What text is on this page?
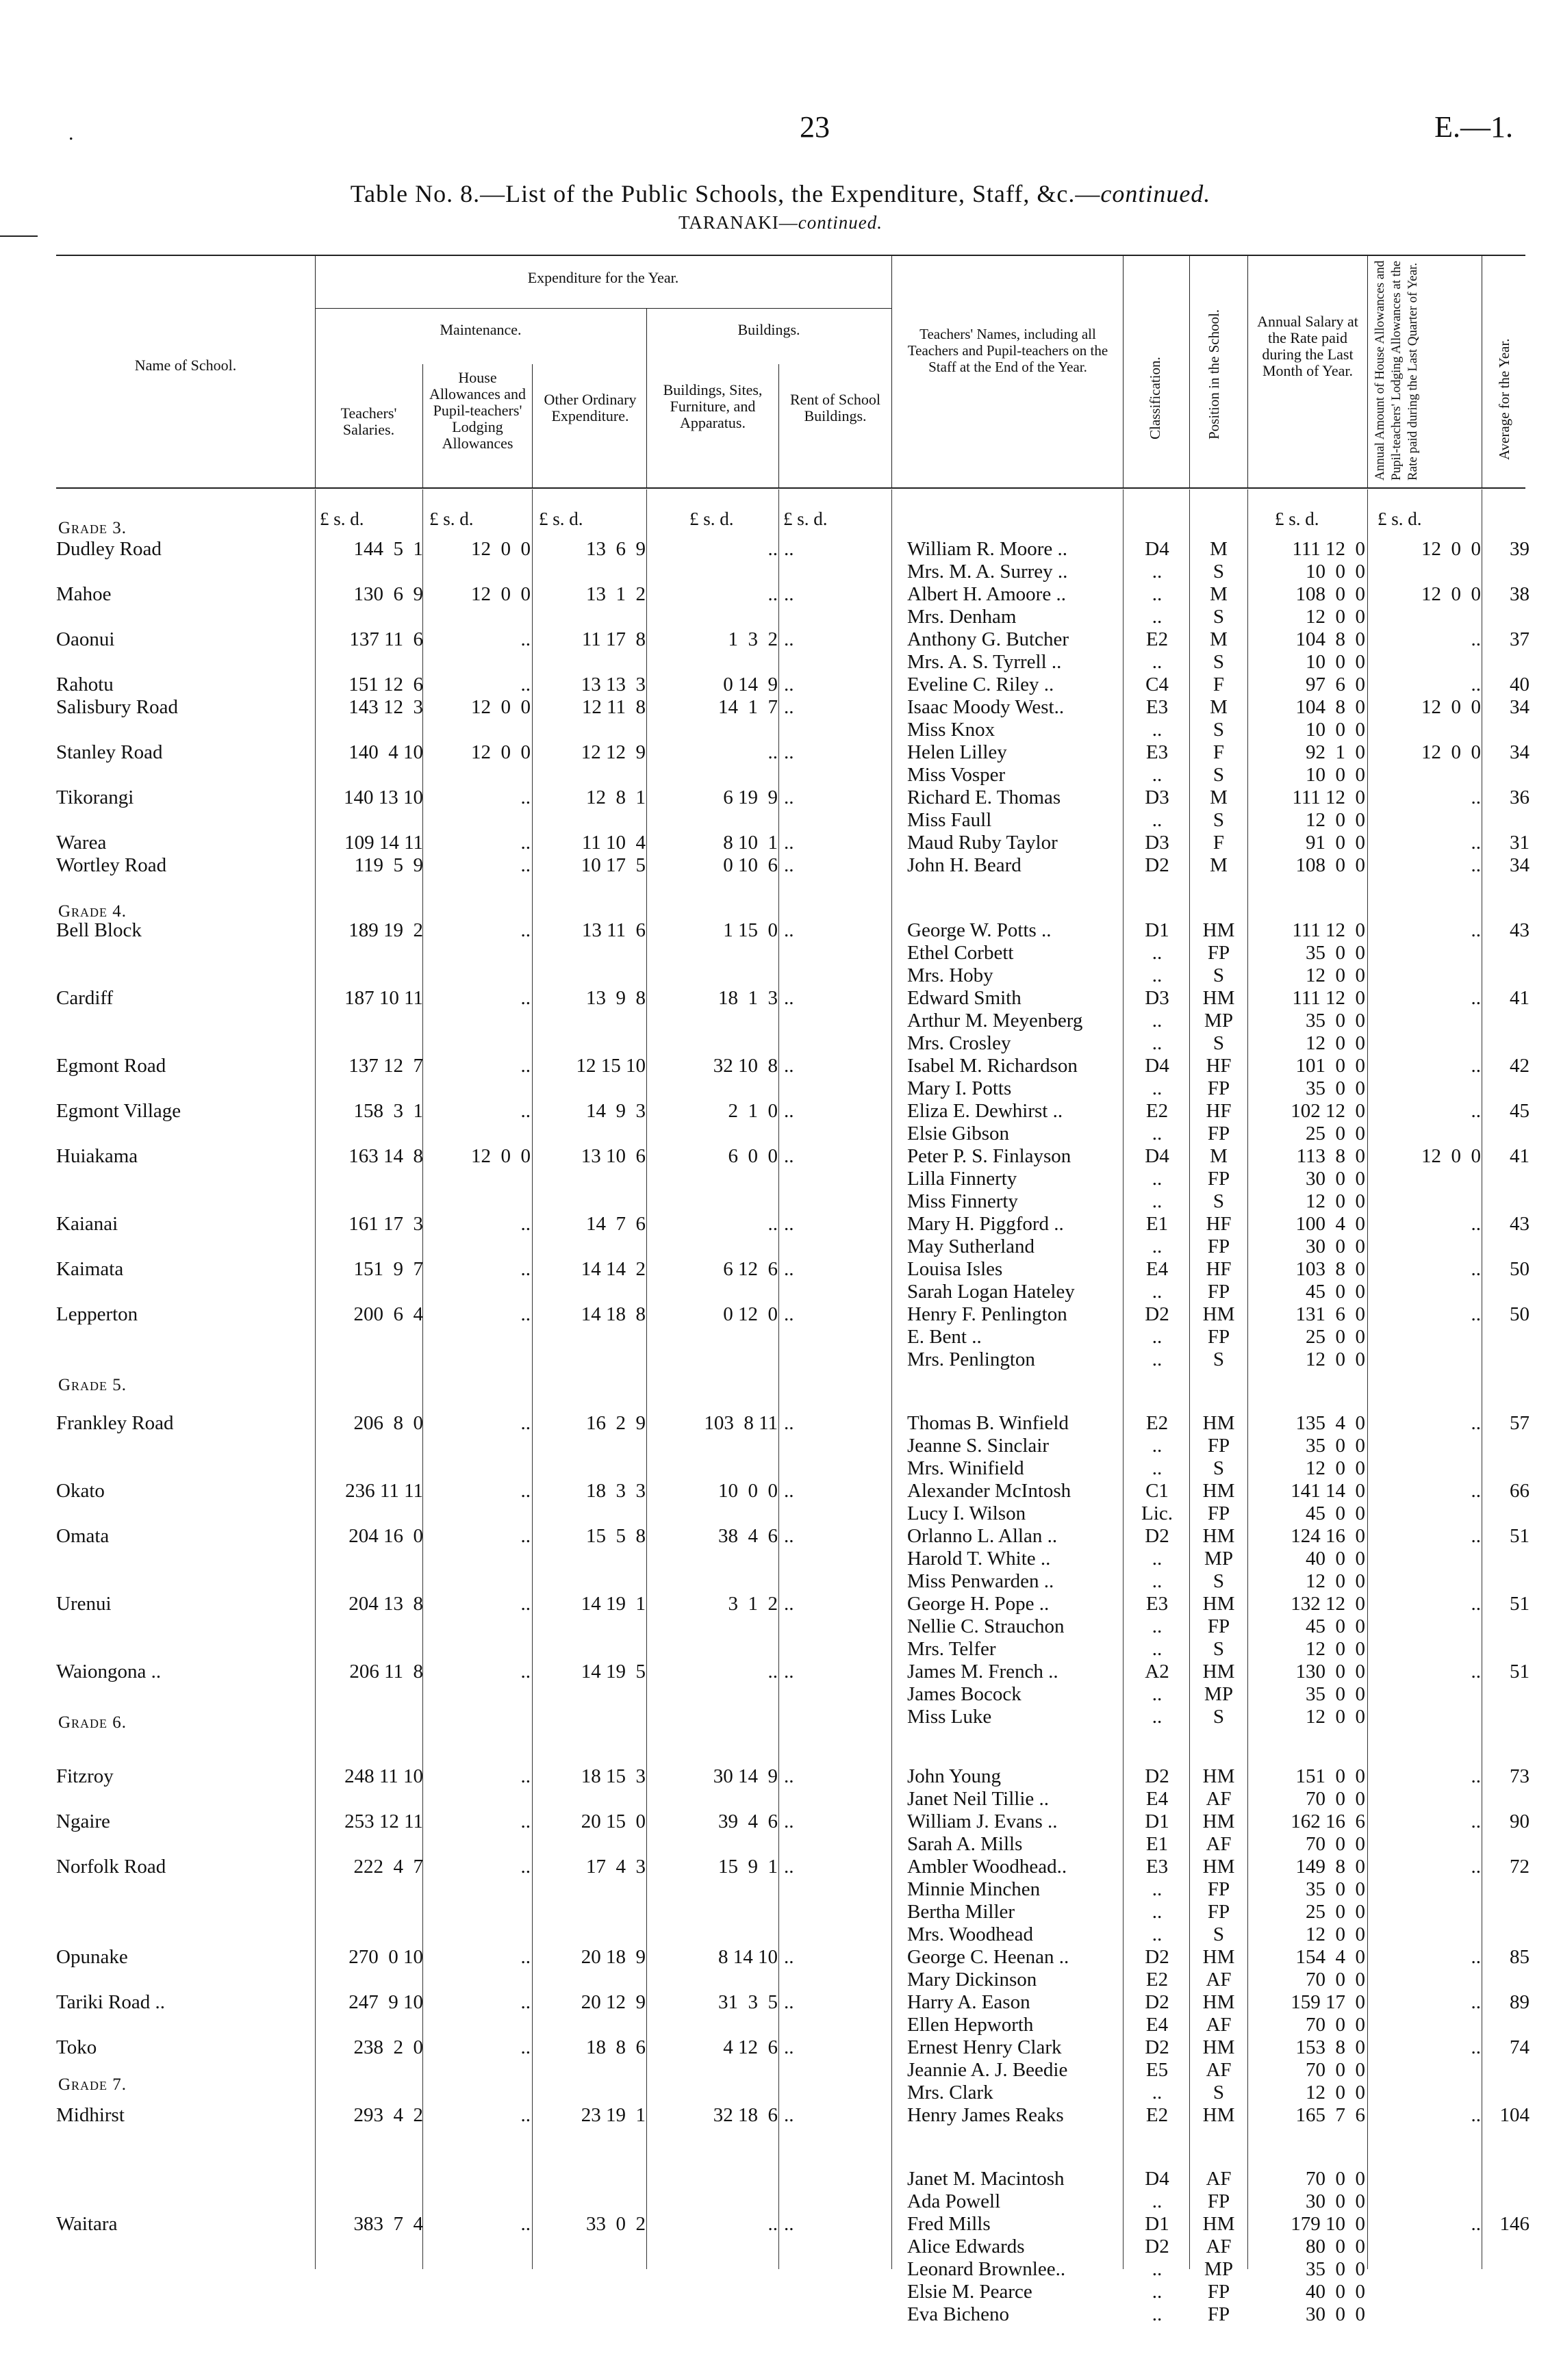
.	23	E.—1.
Table No. 8.—List of the Public Schools, the Expenditure, Staff, &c.—continued.
TARANAKI—continued.
Name of School.
Expenditure for the Year.
Maintenance.	Buildings.
Teachers' Salaries.
House Allowances and Pupil-teachers' Lodging Allowances
Other Ordinary Expenditure.
Buildings, Sites, Furniture, and Apparatus.
Rent of School Buildings.
Teachers' Names, including all Teachers and Pupil-teachers on the Staff at the End of the Year.	Classification.	Position in the School.	Annual Salary at the Rate paid during the Last Month of Year.	Annual Amount of House Allowances and Pupil-teachers' Lodging Allowances at the Rate paid during the Last Quarter of Year.	Average for the Year.
£ s. d.	£ s. d.	£ s. d.	£ s. d.	£ s. d.	£ s. d.	£ s. d.
Grade 3.
Grade 4.
Grade 5.
Grade 6.
Grade 7.
Dudley Road	144  5  1	12  0  0	13  6  9	.. ..	William R. Moore ..	D4	M	111 12  0	12  0  0	39
Mrs. M. A. Surrey ..	..	S	10  0  0
Mahoe	130  6  9	12  0  0	13  1  2	.. ..	Albert H. Amoore ..	..	M	108  0  0	12  0  0	38
Mrs. Denham	..	S	12  0  0
Oaonui	137 11  6	..	11 17  8	1  3  2 ..	Anthony G. Butcher	E2	M	104  8  0	..	37
Mrs. A. S. Tyrrell ..	..	S	10  0  0
Rahotu	151 12  6	..	13 13  3	0 14  9 ..	Eveline C. Riley ..	C4	F	97  6  0	..	40
Salisbury Road	143 12  3	12  0  0	12 11  8	14  1  7 ..	Isaac Moody West..	E3	M	104  8  0	12  0  0	34
Miss Knox	..	S	10  0  0
Stanley Road	140  4 10	12  0  0	12 12  9	.. ..	Helen Lilley	E3	F	92  1  0	12  0  0	34
Miss Vosper	..	S	10  0  0
Tikorangi	140 13 10	..	12  8  1	6 19  9 ..	Richard E. Thomas	D3	M	111 12  0	..	36
Miss Faull	..	S	12  0  0
Warea	109 14 11	..	11 10  4	8 10  1 ..	Maud Ruby Taylor	D3	F	91  0  0	..	31
Wortley Road	119  5  9	..	10 17  5	0 10  6 ..	John H. Beard	D2	M	108  0  0	..	34
Bell Block	189 19  2	..	13 11  6	1 15  0 ..	George W. Potts ..	D1	HM	111 12  0	..	43
Ethel Corbett	..	FP	35  0  0
Mrs. Hoby	..	S	12  0  0
Cardiff	187 10 11	..	13  9  8	18  1  3 ..	Edward Smith	D3	HM	111 12  0	..	41
Arthur M. Meyenberg	..	MP	35  0  0
Mrs. Crosley	..	S	12  0  0
Egmont Road	137 12  7	..	12 15 10	32 10  8 ..	Isabel M. Richardson	D4	HF	101  0  0	..	42
Mary I. Potts	..	FP	35  0  0
Egmont Village	158  3  1	..	14  9  3	2  1  0 ..	Eliza E. Dewhirst ..	E2	HF	102 12  0	..	45
Elsie Gibson	..	FP	25  0  0
Huiakama	163 14  8	12  0  0	13 10  6	6  0  0 ..	Peter P. S. Finlayson	D4	M	113  8  0	12  0  0	41
Lilla Finnerty	..	FP	30  0  0
Miss Finnerty	..	S	12  0  0
Kaianai	161 17  3	..	14  7  6	.. ..	Mary H. Piggford ..	E1	HF	100  4  0	..	43
May Sutherland	..	FP	30  0  0
Kaimata	151  9  7	..	14 14  2	6 12  6 ..	Louisa Isles	E4	HF	103  8  0	..	50
Sarah Logan Hateley	..	FP	45  0  0
Lepperton	200  6  4	..	14 18  8	0 12  0 ..	Henry F. Penlington	D2	HM	131  6  0	..	50
E. Bent ..	..	FP	25  0  0
Mrs. Penlington	..	S	12  0  0
Frankley Road	206  8  0	..	16  2  9	103  8 11 ..	Thomas B. Winfield	E2	HM	135  4  0	..	57
Jeanne S. Sinclair	..	FP	35  0  0
Mrs. Winifield	..	S	12  0  0
Okato	236 11 11	..	18  3  3	10  0  0 ..	Alexander McIntosh	C1	HM	141 14  0	..	66
Lucy I. Wilson	Lic.	FP	45  0  0
Omata	204 16  0	..	15  5  8	38  4  6 ..	Orlanno L. Allan ..	D2	HM	124 16  0	..	51
Harold T. White ..	..	MP	40  0  0
Miss Penwarden ..	..	S	12  0  0
Urenui	204 13  8	..	14 19  1	3  1  2 ..	George H. Pope ..	E3	HM	132 12  0	..	51
Nellie C. Strauchon	..	FP	45  0  0
Mrs. Telfer	..	S	12  0  0
Waiongona ..	206 11  8	..	14 19  5	.. ..	James M. French ..	A2	HM	130  0  0	..	51
James Bocock	..	MP	35  0  0
Miss Luke	..	S	12  0  0
Fitzroy	248 11 10	..	18 15  3	30 14  9 ..	John Young	D2	HM	151  0  0	..	73
Janet Neil Tillie ..	E4	AF	70  0  0
Ngaire	253 12 11	..	20 15  0	39  4  6 ..	William J. Evans ..	D1	HM	162 16  6	..	90
Sarah A. Mills	E1	AF	70  0  0
Norfolk Road	222  4  7	..	17  4  3	15  9  1 ..	Ambler Woodhead..	E3	HM	149  8  0	..	72
Minnie Minchen	..	FP	35  0  0
Bertha Miller	..	FP	25  0  0
Mrs. Woodhead	..	S	12  0  0
Opunake	270  0 10	..	20 18  9	8 14 10 ..	George C. Heenan ..	D2	HM	154  4  0	..	85
Mary Dickinson	E2	AF	70  0  0
Tariki Road ..	247  9 10	..	20 12  9	31  3  5 ..	Harry A. Eason	D2	HM	159 17  0	..	89
Ellen Hepworth	E4	AF	70  0  0
Toko	238  2  0	..	18  8  6	4 12  6 ..	Ernest Henry Clark	D2	HM	153  8  0	..	74
Jeannie A. J. Beedie	E5	AF	70  0  0
Mrs. Clark	..	S	12  0  0
Midhirst	293  4  2	..	23 19  1	32 18  6 ..	Henry James Reaks	E2	HM	165  7  6	.. 104
Janet M. Macintosh	D4	AF	70  0  0
Ada Powell	..	FP	30  0  0
Waitara	383  7  4	..	33  0  2	.. ..	Fred Mills	D1	HM	179 10  0	.. 146
Alice Edwards	D2	AF	80  0  0
Leonard Brownlee..	..	MP	35  0  0
Elsie M. Pearce	..	FP	40  0  0
Eva Bicheno	..	FP	30  0  0
